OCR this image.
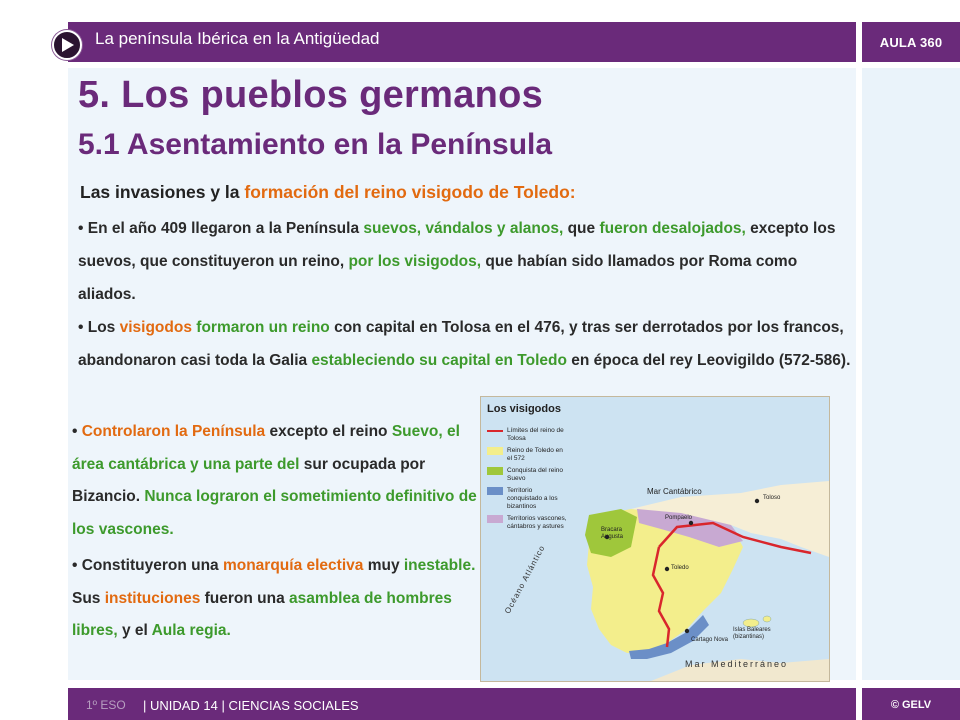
La península Ibérica en la Antigüedad	AULA 360
5. Los pueblos germanos
5.1 Asentamiento en la Península
Las invasiones y la formación del reino visigodo de Toledo:
• En el año 409 llegaron a la Península suevos, vándalos y alanos, que fueron desalojados, excepto los suevos, que constituyeron un reino, por los visigodos, que habían sido llamados por Roma como aliados.
• Los visigodos formaron un reino con capital en Tolosa en el 476, y tras ser derrotados por los francos, abandonaron casi toda la Galia estableciendo su capital en Toledo en época del rey Leovigildo (572-586).
• Controlaron la Península excepto el reino Suevo, el área cantábrica y una parte del sur ocupada por Bizancio. Nunca lograron el sometimiento definitivo de los vascones.
• Constituyeron una monarquía electiva muy inestable. Sus instituciones fueron una asamblea de hombres libres, y el Aula regia.
Los visigodos
Límites del reino de Tolosa
Reino de Toledo en el 572
Conquista del reino Suevo
Territorio conquistado a los bizantinos
Territorios vascones, cántabros y astures
Mar Cantábrico
Bracara Augusta
Pompaelo
Toloso
Toledo
Cartago Nova
Islas Baleares (bizantinas)
Mar Mediterráneo
Océano Atlántico
1º ESO | UNIDAD 14 | CIENCIAS SOCIALES	© GELV
